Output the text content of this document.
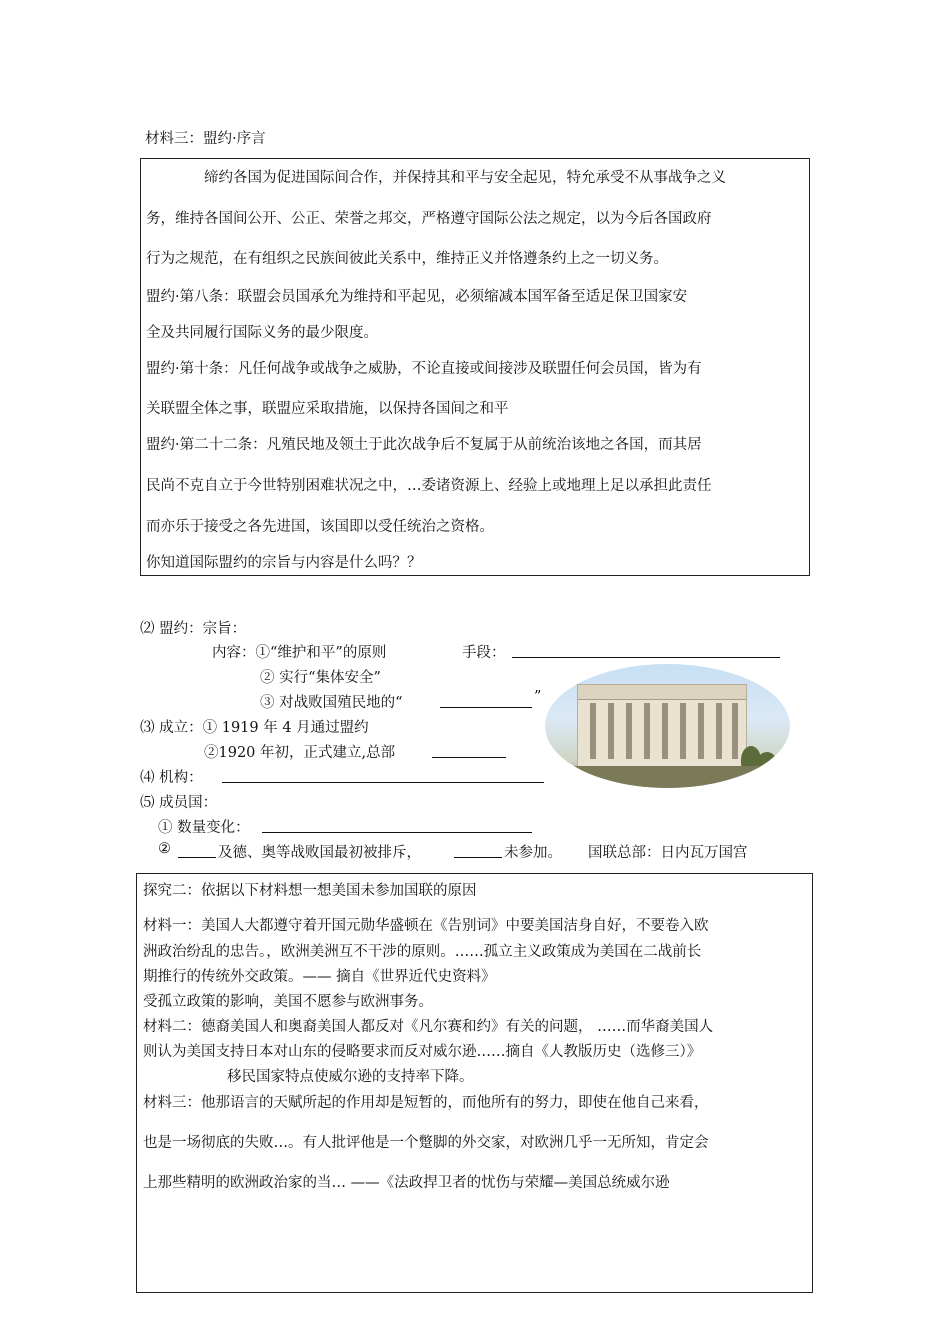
材料三：盟约·序言
缔约各国为促进国际间合作，并保持其和平与安全起见，特允承受不从事战争之义
务，维持各国间公开、公正、荣誉之邦交，严格遵守国际公法之规定，以为今后各国政府
行为之规范，在有组织之民族间彼此关系中，维持正义并恪遵条约上之一切义务。
盟约·第八条：联盟会员国承允为维持和平起见，必须缩减本国军备至适足保卫国家安
全及共同履行国际义务的最少限度。
盟约·第十条：凡任何战争或战争之威胁，不论直接或间接涉及联盟任何会员国，皆为有
关联盟全体之事，联盟应采取措施，以保持各国间之和平
盟约·第二十二条：凡殖民地及领土于此次战争后不复属于从前统治该地之各国，而其居
民尚不克自立于今世特别困难状况之中，…委诸资源上、经验上或地理上足以承担此责任
而亦乐于接受之各先进国，该国即以受任统治之资格。
你知道国际盟约的宗旨与内容是什么吗？？
⑵ 盟约：宗旨：
内容：①“维护和平”的原则	手段：
② 实行“集体安全”
③ 对战败国殖民地的“	”
⑶ 成立：① 1919 年 4 月通过盟约
②1920 年初，正式建立,总部
⑷ 机构：
⑸ 成员国：
① 数量变化：
②	及德、奥等战败国最初被排斥，	未参加。 国联总部：日内瓦万国宫
探究二：依据以下材料想一想美国未参加国联的原因
材料一：美国人大都遵守着开国元勋华盛顿在《告别词》中要美国洁身自好，不要卷入欧
洲政治纷乱的忠告。，欧洲美洲互不干涉的原则。……孤立主义政策成为美国在二战前长
期推行的传统外交政策。—— 摘自《世界近代史资料》
受孤立政策的影响，美国不愿参与欧洲事务。
材料二：德裔美国人和奥裔美国人都反对《凡尔赛和约》有关的问题， ……而华裔美国人
则认为美国支持日本对山东的侵略要求而反对威尔逊……摘自《人教版历史（选修三）》
移民国家特点使威尔逊的支持率下降。
材料三：他那语言的天赋所起的作用却是短暂的，而他所有的努力，即使在他自己来看，
也是一场彻底的失败…。有人批评他是一个蹩脚的外交家，对欧洲几乎一无所知，肯定会
上那些精明的欧洲政治家的当… ——《法政捍卫者的忧伤与荣耀—美国总统威尔逊
